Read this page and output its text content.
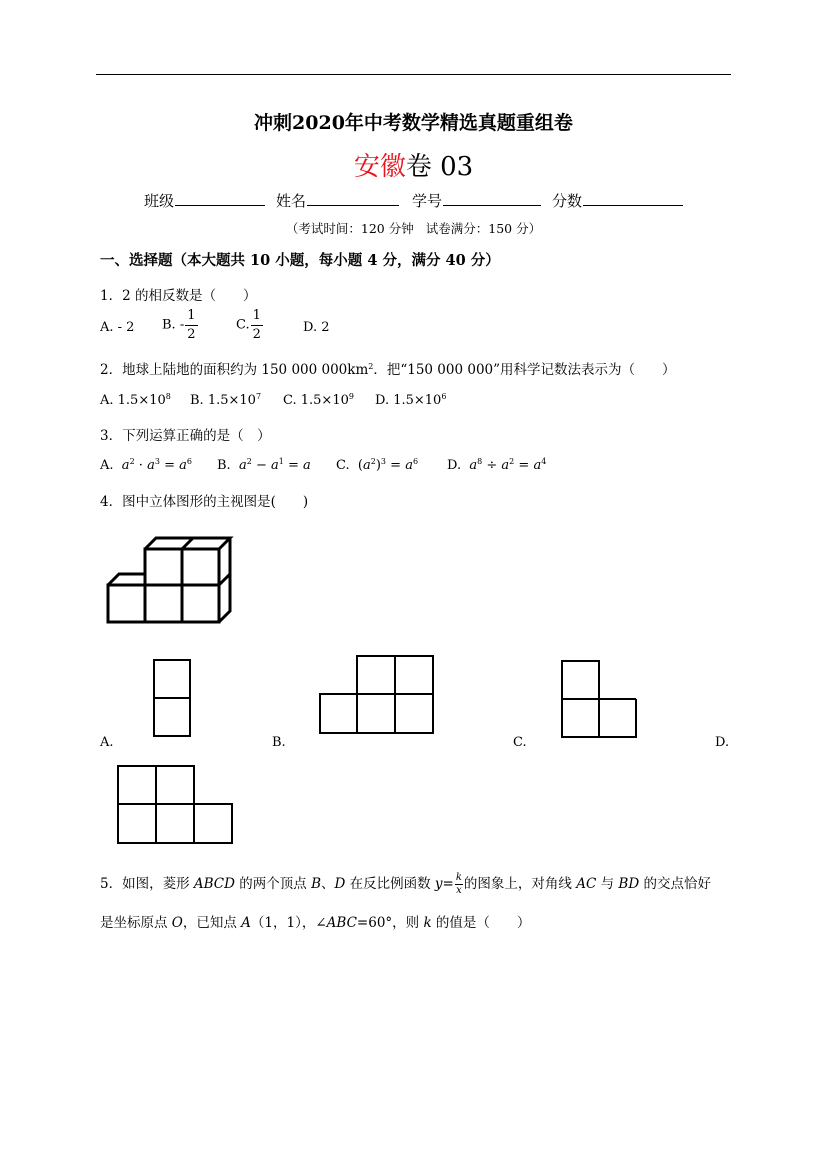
冲刺2020年中考数学精选真题重组卷
安徽卷 03
班级	姓名	学号	分数
（考试时间：120 分钟 试卷满分：150 分）
一、选择题（本大题共 10 小题，每小题 4 分，满分 40 分）
1．2 的相反数是（　　）
A. - 2 B. - $\frac{1}{2}$	C. $\frac{1}{2}$	D. 2
2．地球上陆地的面积约为 150 000 $000km^2$．把“150 000 000”用科学记数法表示为（　　）
A. $1.5\times 10^8$ B. $1.5\times 10^7$ C. $1.5\times 10^9$ D. $1.5\times 10^6$
3．下列运算正确的是（　）
A. $a^2 \cdot a^3 = a^6$ B. $a^2 - a^1 = a$ C. $(a^2)^3 = a^6$ D. $a^8 \div a^2 = a^4$
4．图中立体图形的主视图是(　　)
A.	B.	C.	D.
5．如图，菱形 ABCD 的两个顶点 B、D 在反比例函数 $y= \frac{k}{x}$ 的图象上，对角线 AC 与 BD 的交点恰好
是坐标原点 O，已知点 A（1，1），∠ABC=60°，则 k 的值是（　　）
